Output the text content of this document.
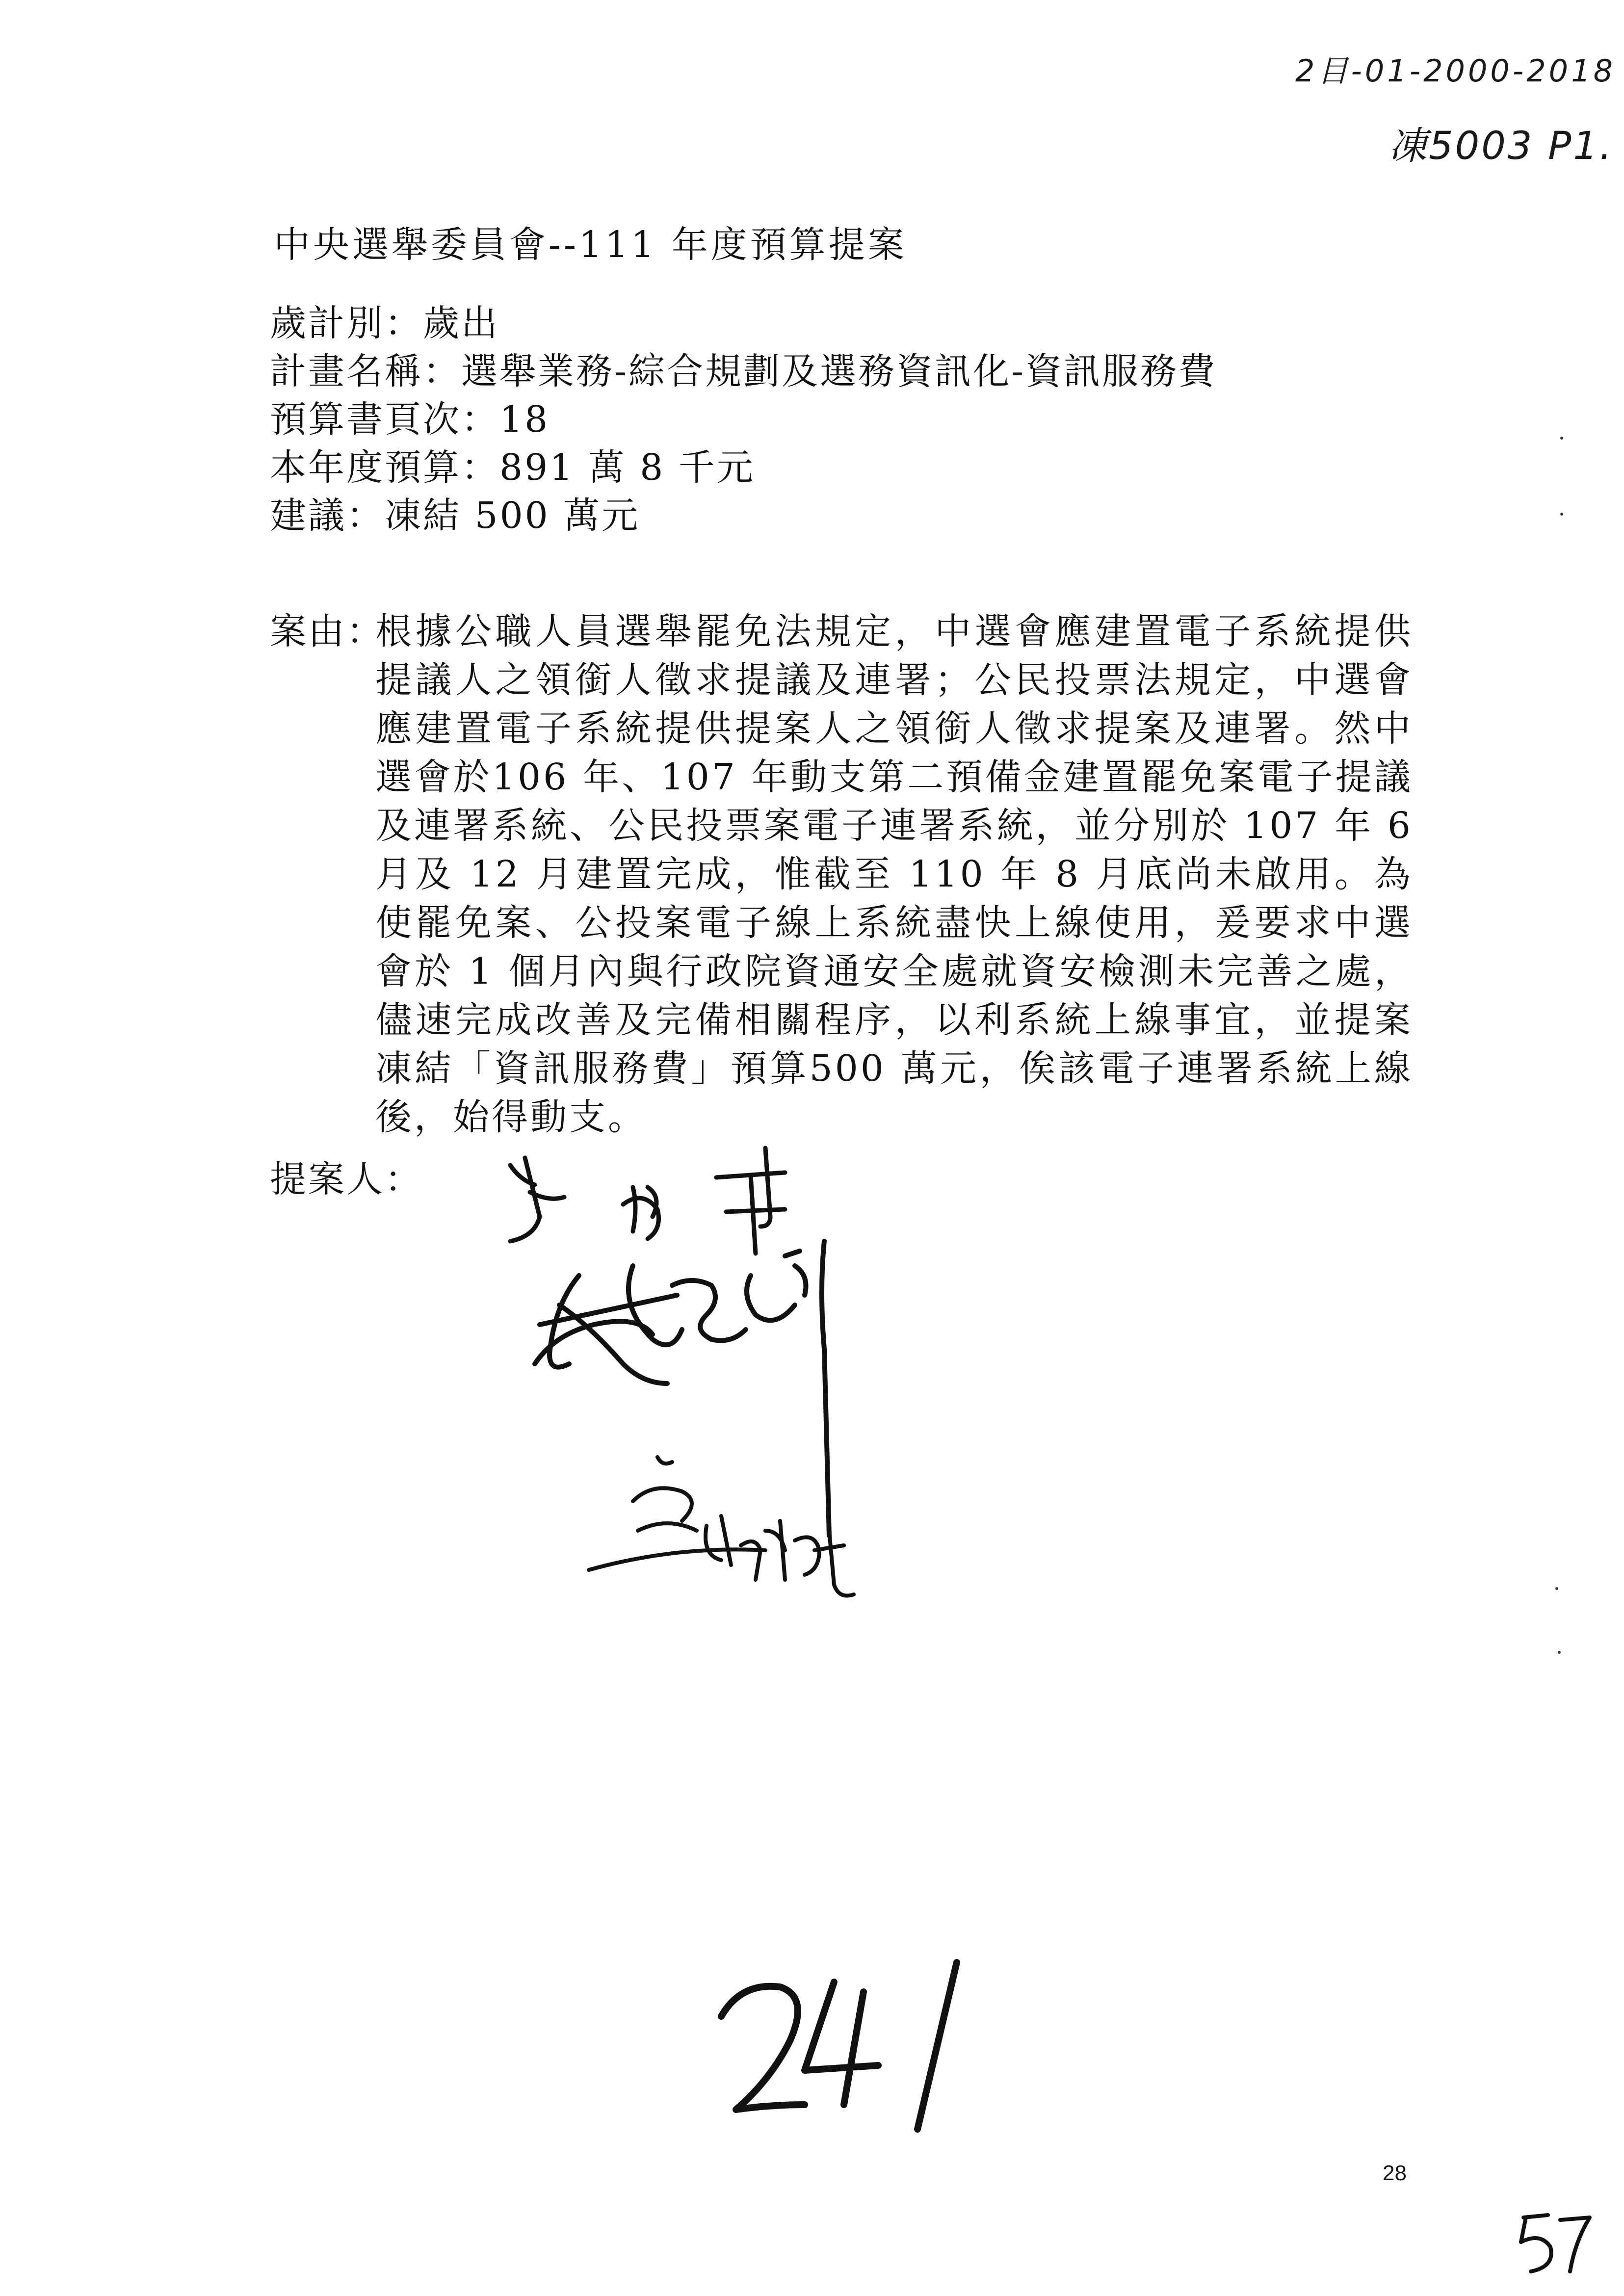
2目-01-2000-2018
凍5003 P1.
中央選舉委員會--111 年度預算提案
歲計別：歲出
計畫名稱：選舉業務-綜合規劃及選務資訊化-資訊服務費
預算書頁次：18
本年度預算：891 萬 8 千元
建議：凍結 500 萬元
案由：
根據公職人員選舉罷免法規定，中選會應建置電子系統提供提議人之領銜人徵求提議及連署；公民投票法規定，中選會應建置電子系統提供提案人之領銜人徵求提案及連署。然中選會於106 年、107 年動支第二預備金建置罷免案電子提議及連署系統、公民投票案電子連署系統，並分別於 107 年 6 月及 12 月建置完成，惟截至 110 年 8 月底尚未啟用。為使罷免案、公投案電子線上系統盡快上線使用，爰要求中選會於 1 個月內與行政院資通安全處就資安檢測未完善之處，儘速完成改善及完備相關程序，以利系統上線事宜，並提案凍結「資訊服務費」預算500 萬元，俟該電子連署系統上線後，始得動支。
提案人：
28
